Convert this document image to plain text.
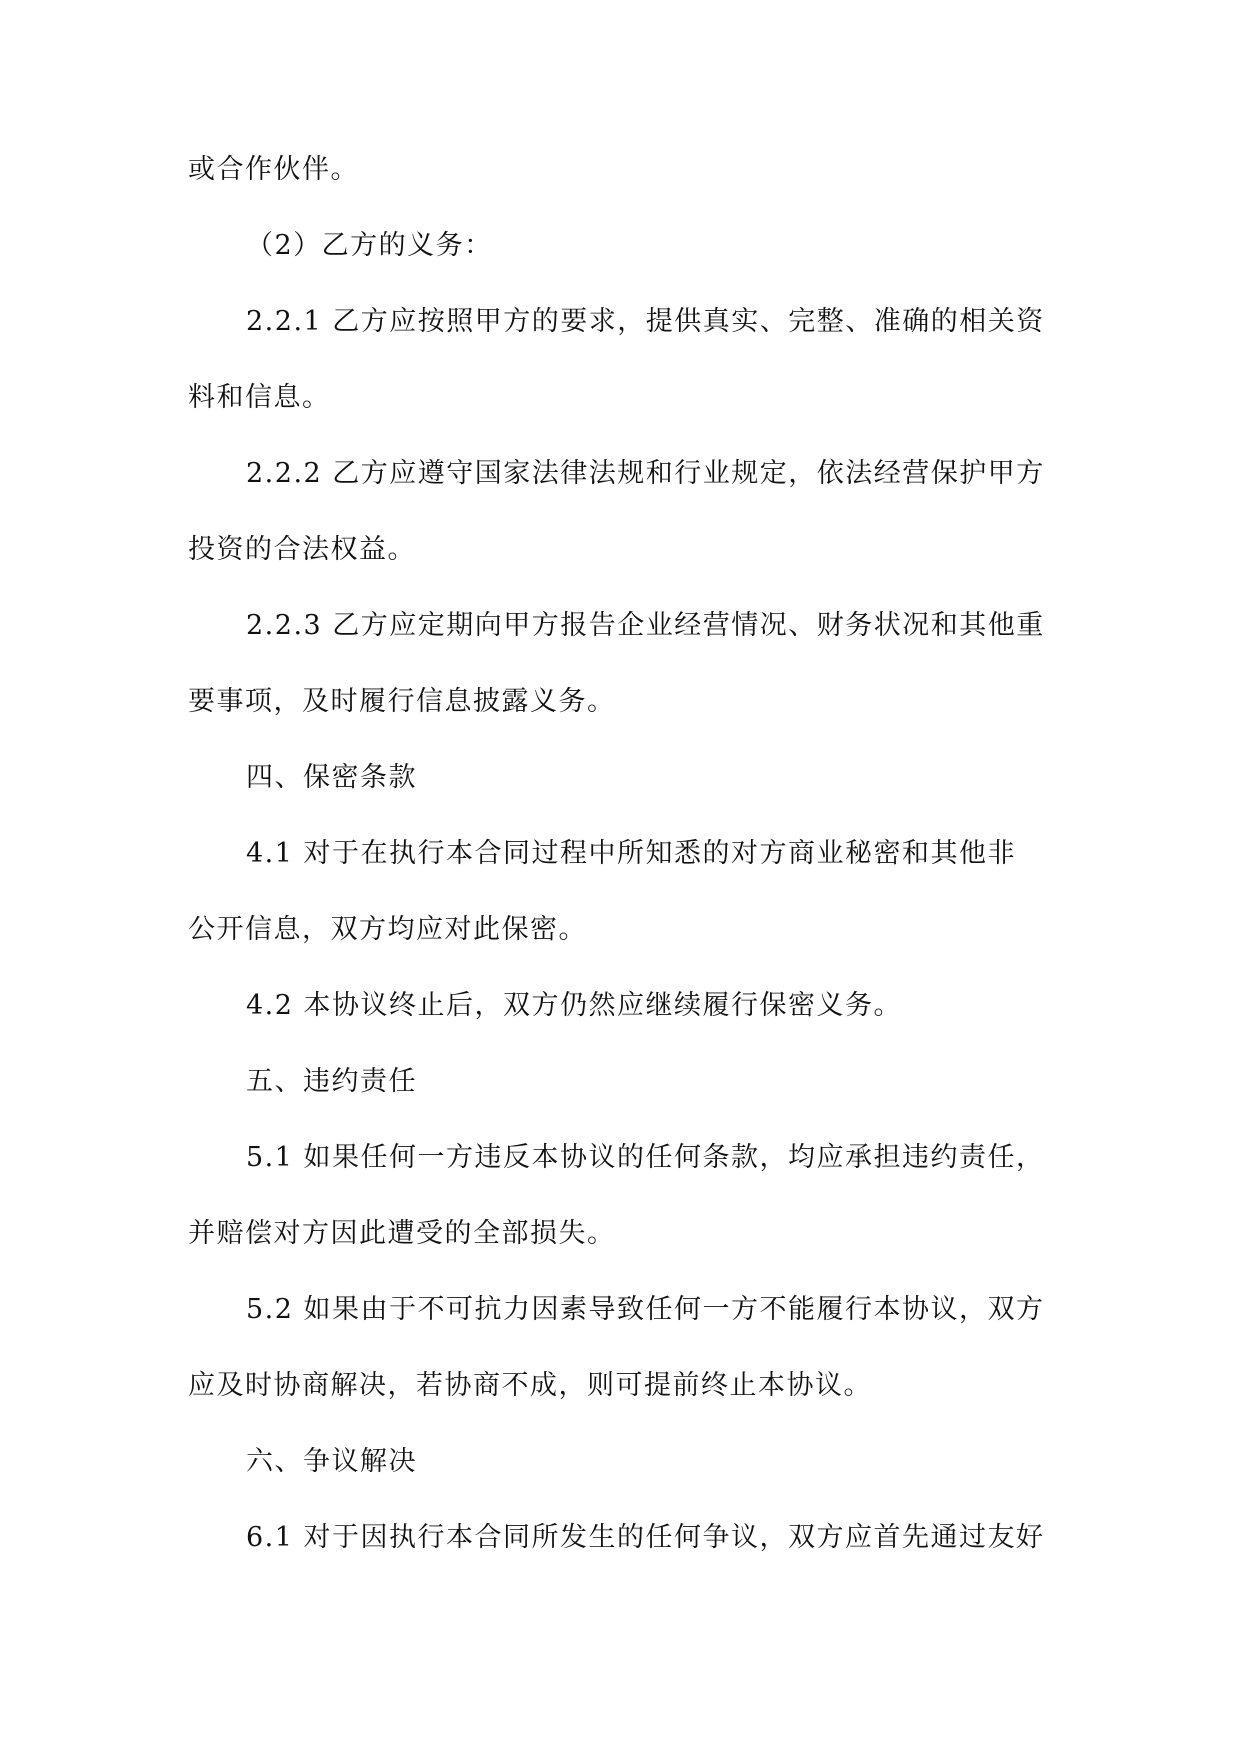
或合作伙伴。
（2）乙方的义务：
2.2.1 乙方应按照甲方的要求，提供真实、完整、准确的相关资
料和信息。
2.2.2 乙方应遵守国家法律法规和行业规定，依法经营保护甲方
投资的合法权益。
2.2.3 乙方应定期向甲方报告企业经营情况、财务状况和其他重
要事项，及时履行信息披露义务。
四、保密条款
4.1 对于在执行本合同过程中所知悉的对方商业秘密和其他非
公开信息，双方均应对此保密。
4.2 本协议终止后，双方仍然应继续履行保密义务。
五、违约责任
5.1 如果任何一方违反本协议的任何条款，均应承担违约责任，
并赔偿对方因此遭受的全部损失。
5.2 如果由于不可抗力因素导致任何一方不能履行本协议，双方
应及时协商解决，若协商不成，则可提前终止本协议。
六、争议解决
6.1 对于因执行本合同所发生的任何争议，双方应首先通过友好
